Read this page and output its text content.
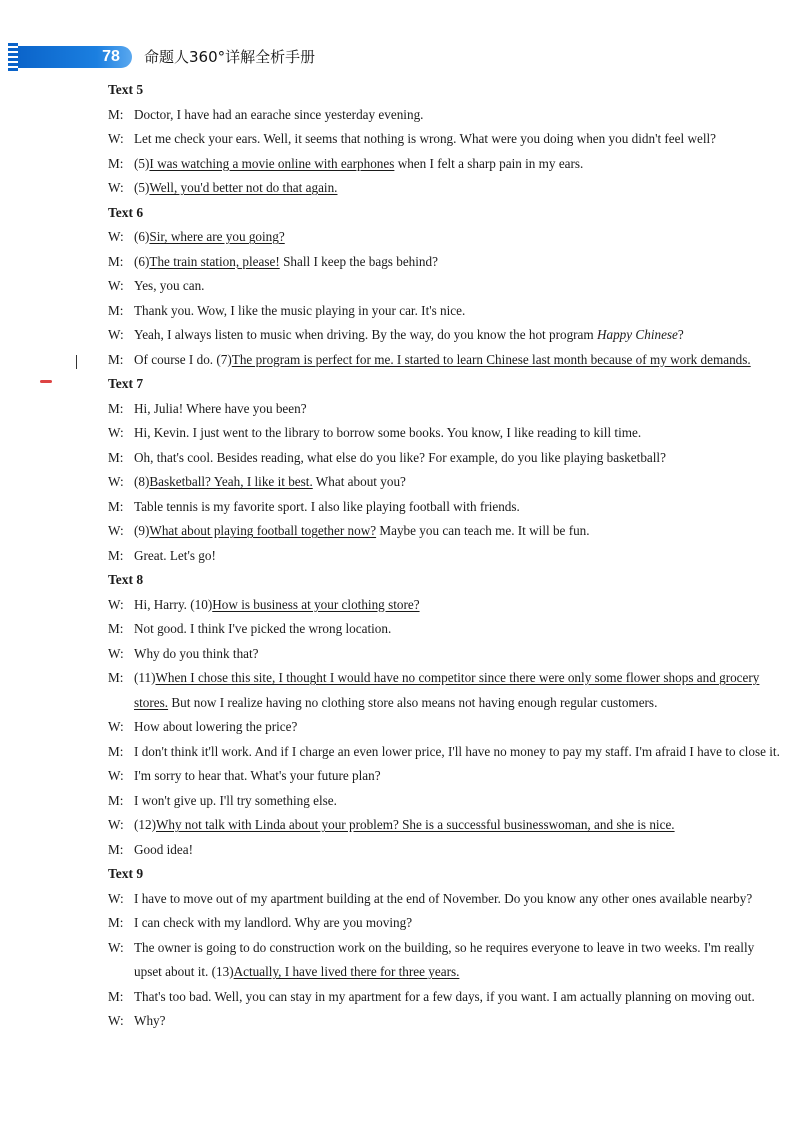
78	命题人360°详解全析手册
Text 5
M: Doctor, I have had an earache since yesterday evening.
W: Let me check your ears. Well, it seems that nothing is wrong. What were you doing when you didn't feel well?
M: (5)I was watching a movie online with earphones when I felt a sharp pain in my ears.
W: (5)Well, you'd better not do that again.
Text 6
W: (6)Sir, where are you going?
M: (6)The train station, please! Shall I keep the bags behind?
W: Yes, you can.
M: Thank you. Wow, I like the music playing in your car. It's nice.
W: Yeah, I always listen to music when driving. By the way, do you know the hot program Happy Chinese?
M: Of course I do. (7)The program is perfect for me. I started to learn Chinese last month because of my work demands.
Text 7
M: Hi, Julia! Where have you been?
W: Hi, Kevin. I just went to the library to borrow some books. You know, I like reading to kill time.
M: Oh, that's cool. Besides reading, what else do you like? For example, do you like playing basketball?
W: (8)Basketball? Yeah, I like it best. What about you?
M: Table tennis is my favorite sport. I also like playing football with friends.
W: (9)What about playing football together now? Maybe you can teach me. It will be fun.
M: Great. Let's go!
Text 8
W: Hi, Harry. (10)How is business at your clothing store?
M: Not good. I think I've picked the wrong location.
W: Why do you think that?
M: (11)When I chose this site, I thought I would have no competitor since there were only some flower shops and grocery stores. But now I realize having no clothing store also means not having enough regular customers.
W: How about lowering the price?
M: I don't think it'll work. And if I charge an even lower price, I'll have no money to pay my staff. I'm afraid I have to close it.
W: I'm sorry to hear that. What's your future plan?
M: I won't give up. I'll try something else.
W: (12)Why not talk with Linda about your problem? She is a successful businesswoman, and she is nice.
M: Good idea!
Text 9
W: I have to move out of my apartment building at the end of November. Do you know any other ones available nearby?
M: I can check with my landlord. Why are you moving?
W: The owner is going to do construction work on the building, so he requires everyone to leave in two weeks. I'm really upset about it. (13)Actually, I have lived there for three years.
M: That's too bad. Well, you can stay in my apartment for a few days, if you want. I am actually planning on moving out.
W: Why?
